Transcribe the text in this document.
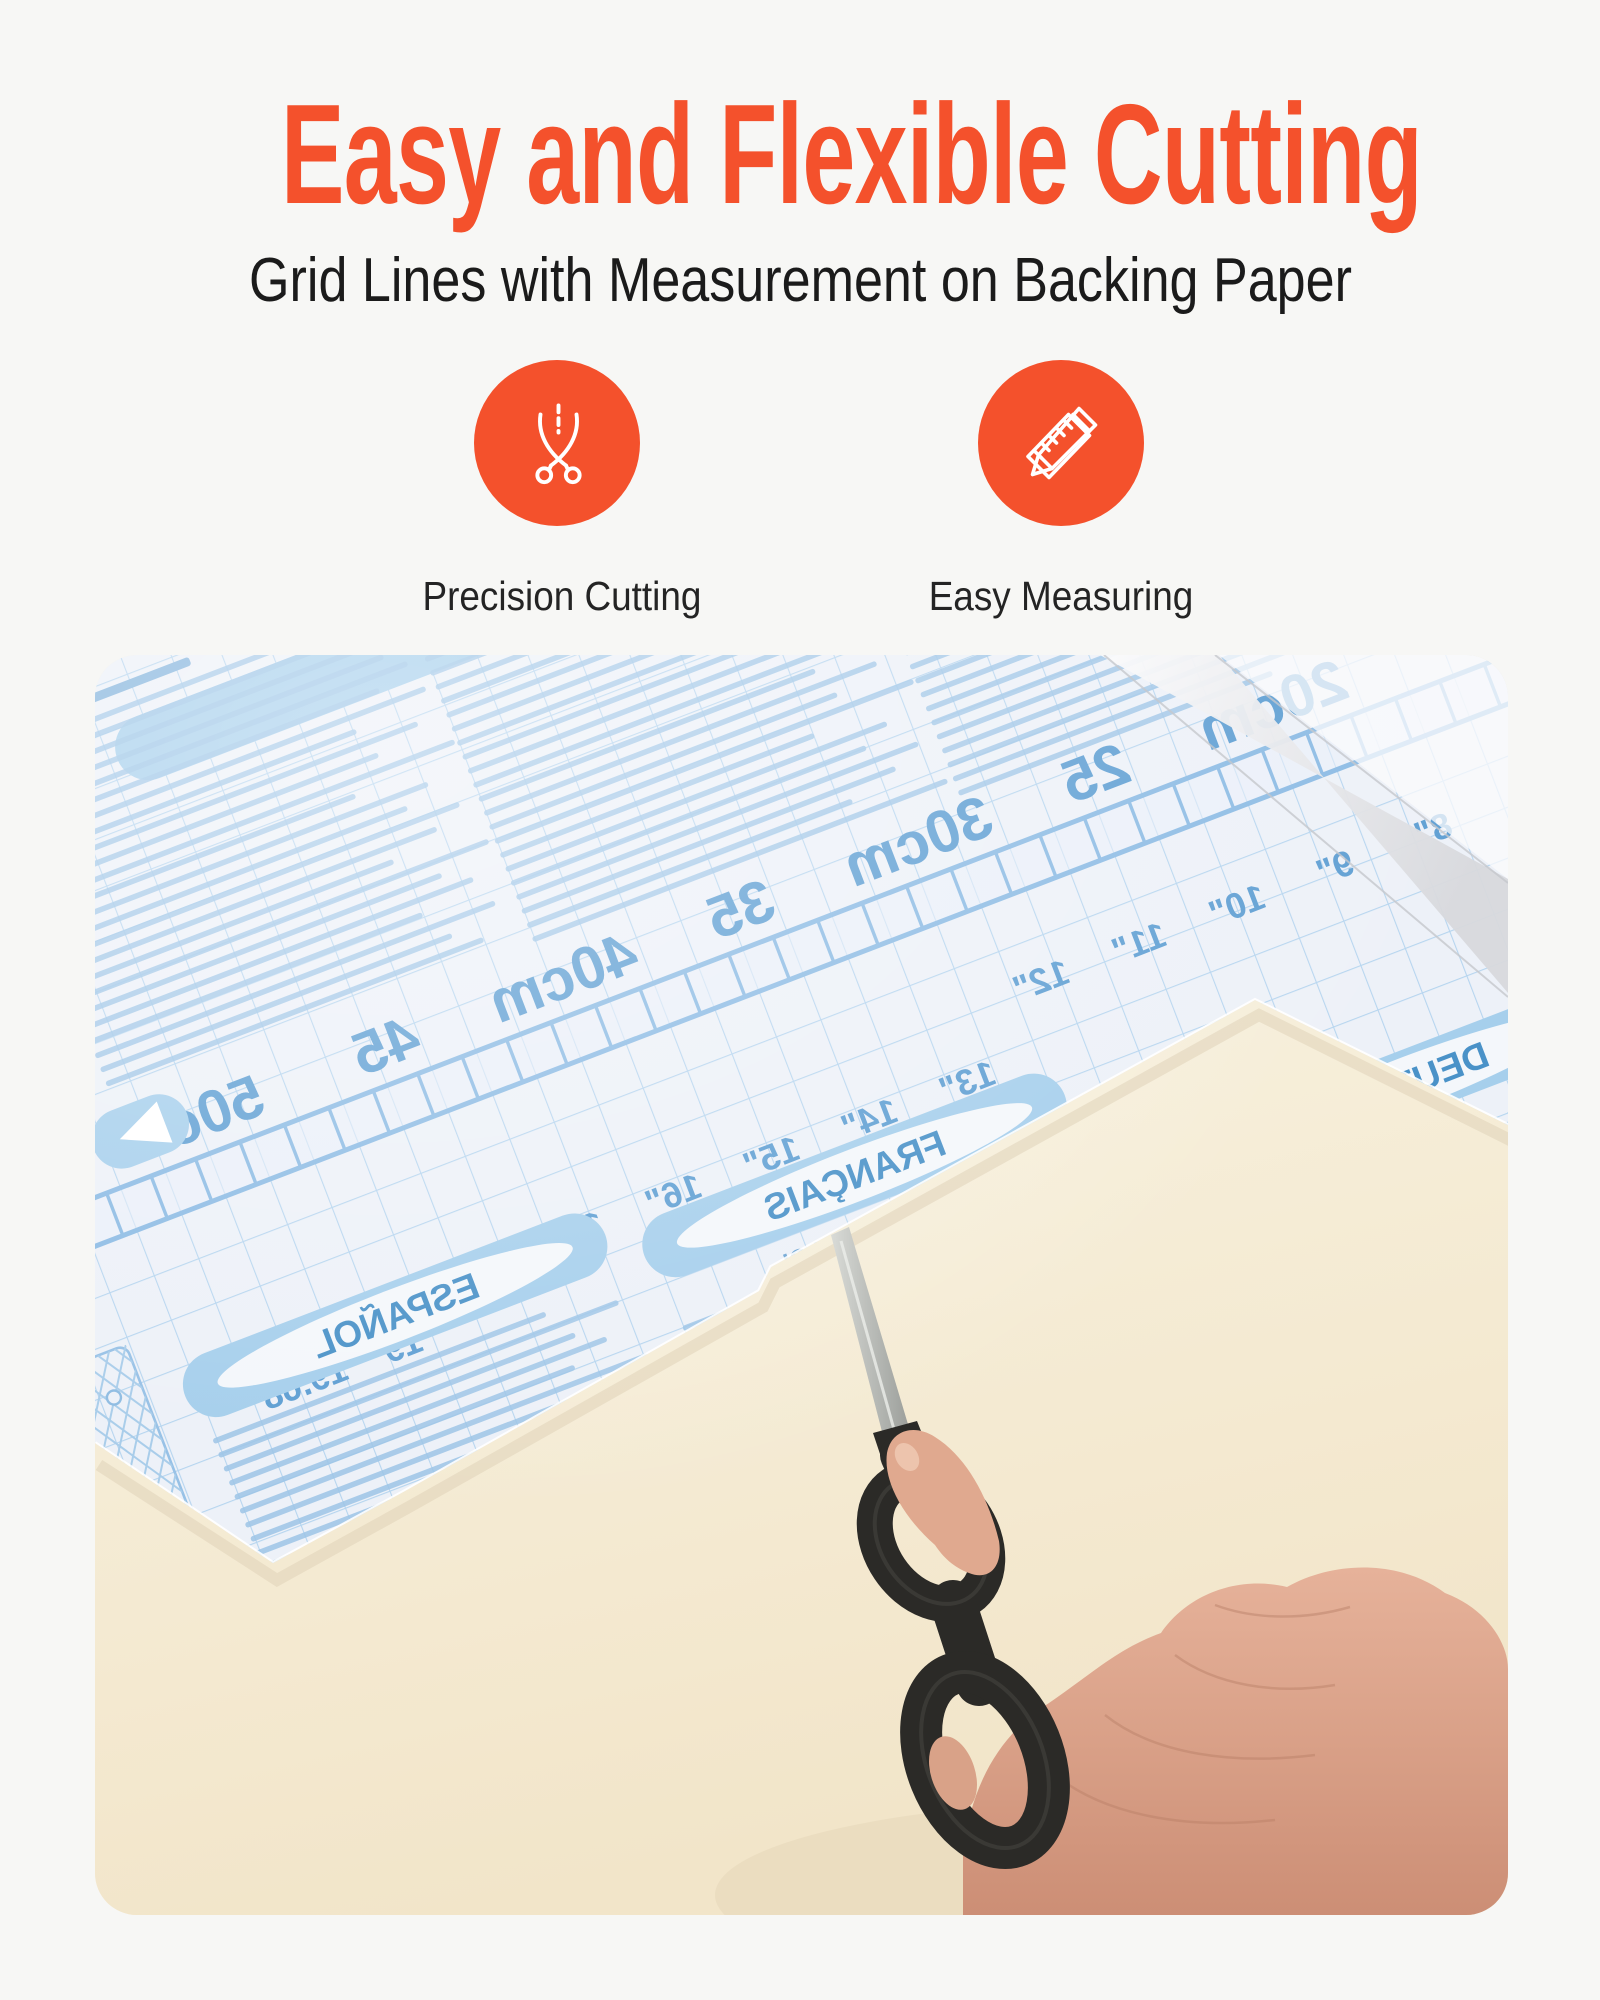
Easy and Flexible Cutting

Grid Lines with Measurement on Backing Paper

Precision Cutting	Easy Measuring
